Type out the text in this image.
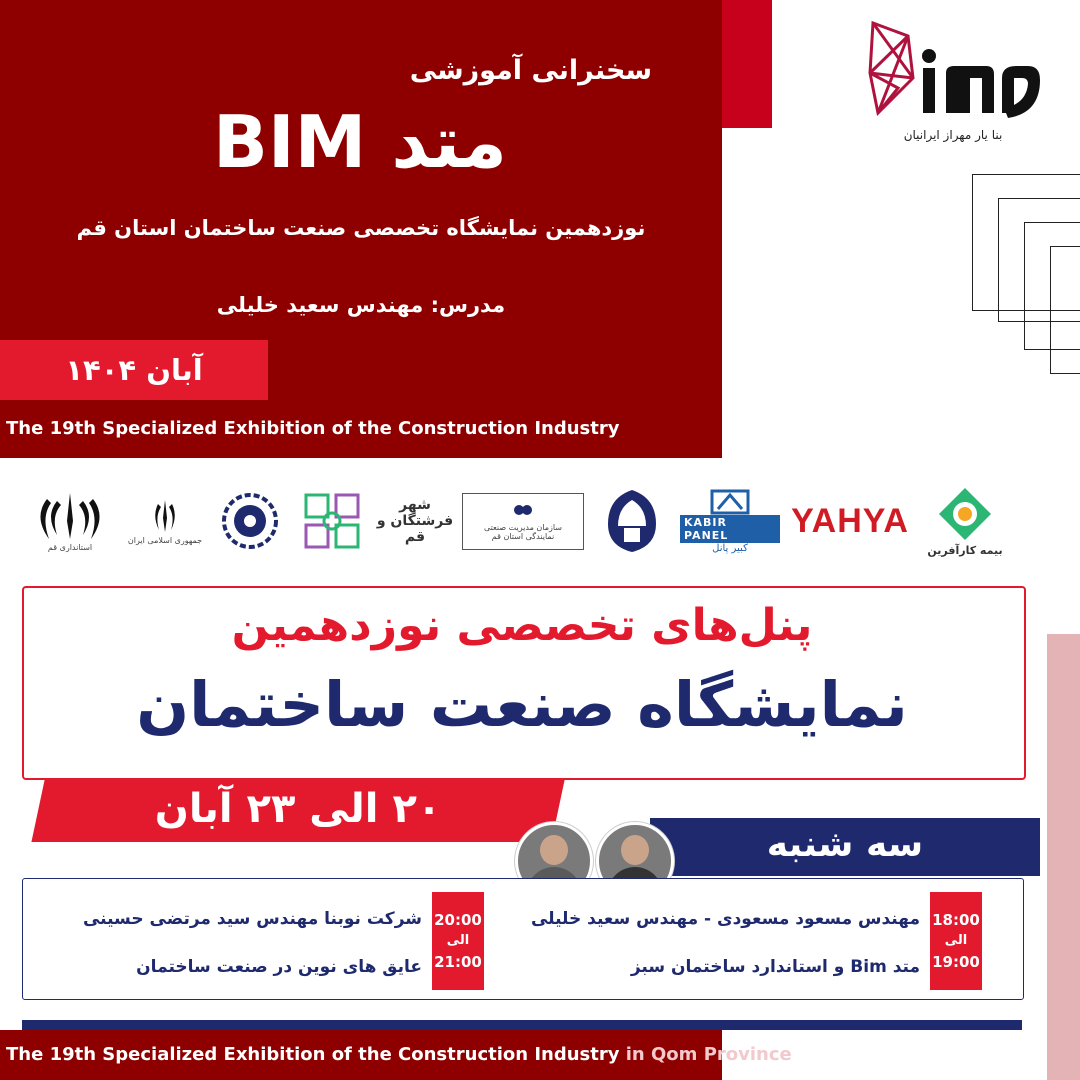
سخنرانی آموزشی
متد BIM
نوزدهمین نمایشگاه تخصصی صنعت ساختمان استان قم
مدرس: مهندس سعید خلیلی
آبان ۱۴۰۴
The 19th Specialized Exhibition of the Construction Industry
بنا یار مهراز ایرانیان
استانداری قم
جمهوری اسلامی ایران
شهر فرشتگان و قم
سازمان مدیریت صنعتی نمایندگی استان قم
KABIR PANEL
کبیر پانل
YAHYA
بیمه کارآفرین
پنل‌های تخصصی نوزدهمین
نمایشگاه صنعت ساختمان
۲۰ الی ۲۳ آبان
سه شنبه
18:00
الی
19:00
مهندس مسعود مسعودی - مهندس سعید خلیلی
متد Bim و استاندارد ساختمان سبز
20:00
الی
21:00
شرکت نوبنا مهندس سید مرتضی حسینی
عایق های نوین در صنعت ساختمان
The 19th Specialized Exhibition of the Construction Industry in Qom Province
